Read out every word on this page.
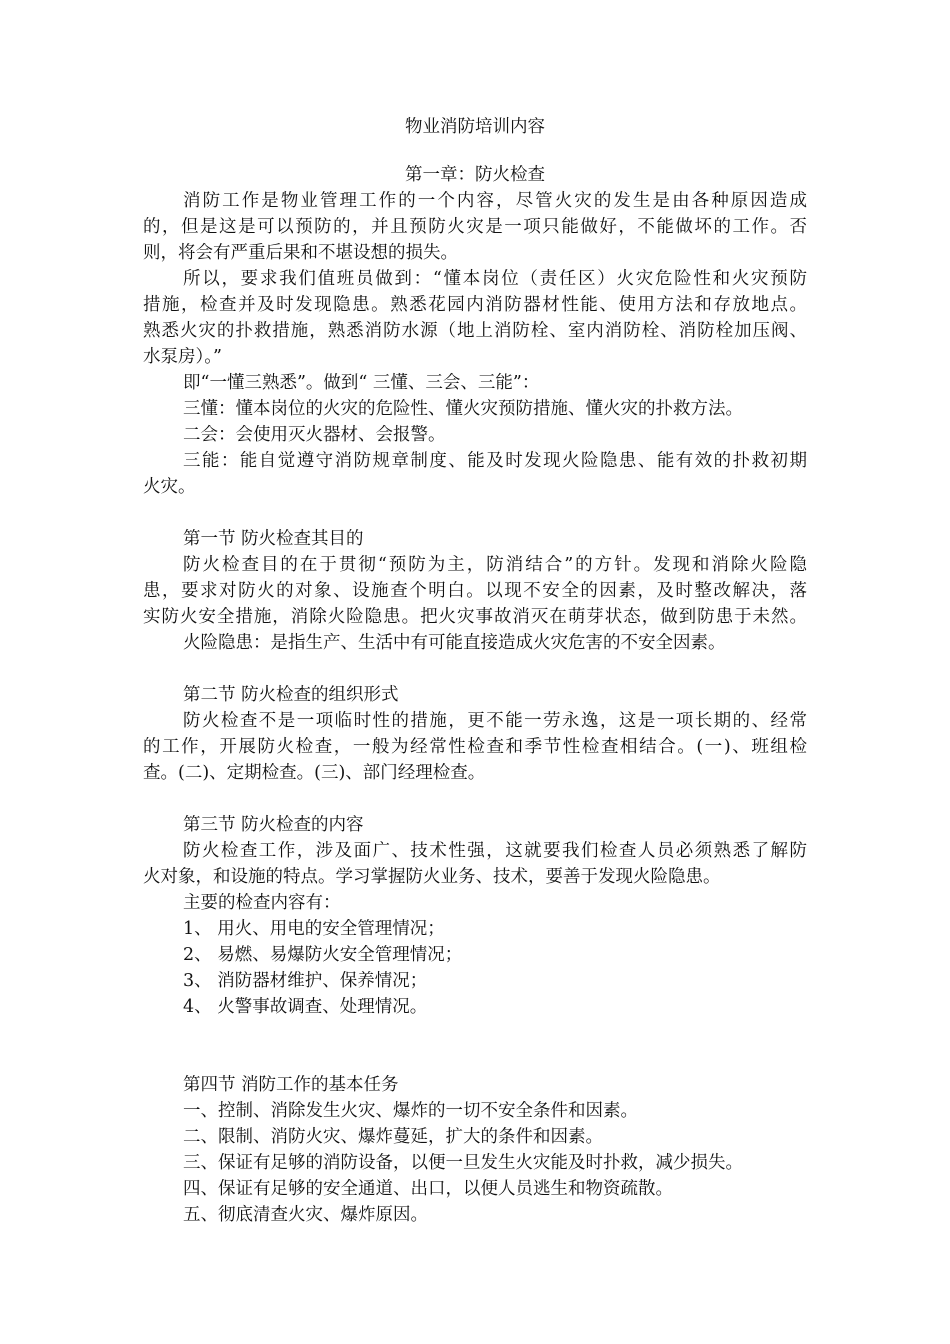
物业消防培训内容
第一章：防火检查
消防工作是物业管理工作的一个内容，尽管火灾的发生是由各种原因造成
的，但是这是可以预防的，并且预防火灾是一项只能做好，不能做坏的工作。否
则，将会有严重后果和不堪设想的损失。
所以，要求我们值班员做到：“懂本岗位（责任区）火灾危险性和火灾预防
措施，检查并及时发现隐患。熟悉花园内消防器材性能、使用方法和存放地点。
熟悉火灾的扑救措施，熟悉消防水源（地上消防栓、室内消防栓、消防栓加压阀、
水泵房）。”
即“一懂三熟悉”。做到“ 三懂、三会、三能”：
三懂：懂本岗位的火灾的危险性、懂火灾预防措施、懂火灾的扑救方法。
二会：会使用灭火器材、会报警。
三能：能自觉遵守消防规章制度、能及时发现火险隐患、能有效的扑救初期
火灾。
第一节 防火检查其目的
防火检查目的在于贯彻“预防为主，防消结合”的方针。发现和消除火险隐
患，要求对防火的对象、设施查个明白。以现不安全的因素，及时整改解决，落
实防火安全措施，消除火险隐患。把火灾事故消灭在萌芽状态，做到防患于未然。
火险隐患：是指生产、生活中有可能直接造成火灾危害的不安全因素。
第二节 防火检查的组织形式
防火检查不是一项临时性的措施，更不能一劳永逸，这是一项长期的、经常
的工作，开展防火检查，一般为经常性检查和季节性检查相结合。(一)、班组检
查。(二)、定期检查。(三)、部门经理检查。
第三节 防火检查的内容
防火检查工作，涉及面广、技术性强，这就要我们检查人员必须熟悉了解防
火对象，和设施的特点。学习掌握防火业务、技术，要善于发现火险隐患。
主要的检查内容有：
1、 用火、用电的安全管理情况；
2、 易燃、易爆防火安全管理情况；
3、 消防器材维护、保养情况；
4、 火警事故调查、处理情况。
第四节 消防工作的基本任务
一、控制、消除发生火灾、爆炸的一切不安全条件和因素。
二、限制、消防火灾、爆炸蔓延，扩大的条件和因素。
三、保证有足够的消防设备，以便一旦发生火灾能及时扑救，减少损失。
四、保证有足够的安全通道、出口，以便人员逃生和物资疏散。
五、彻底清查火灾、爆炸原因。
